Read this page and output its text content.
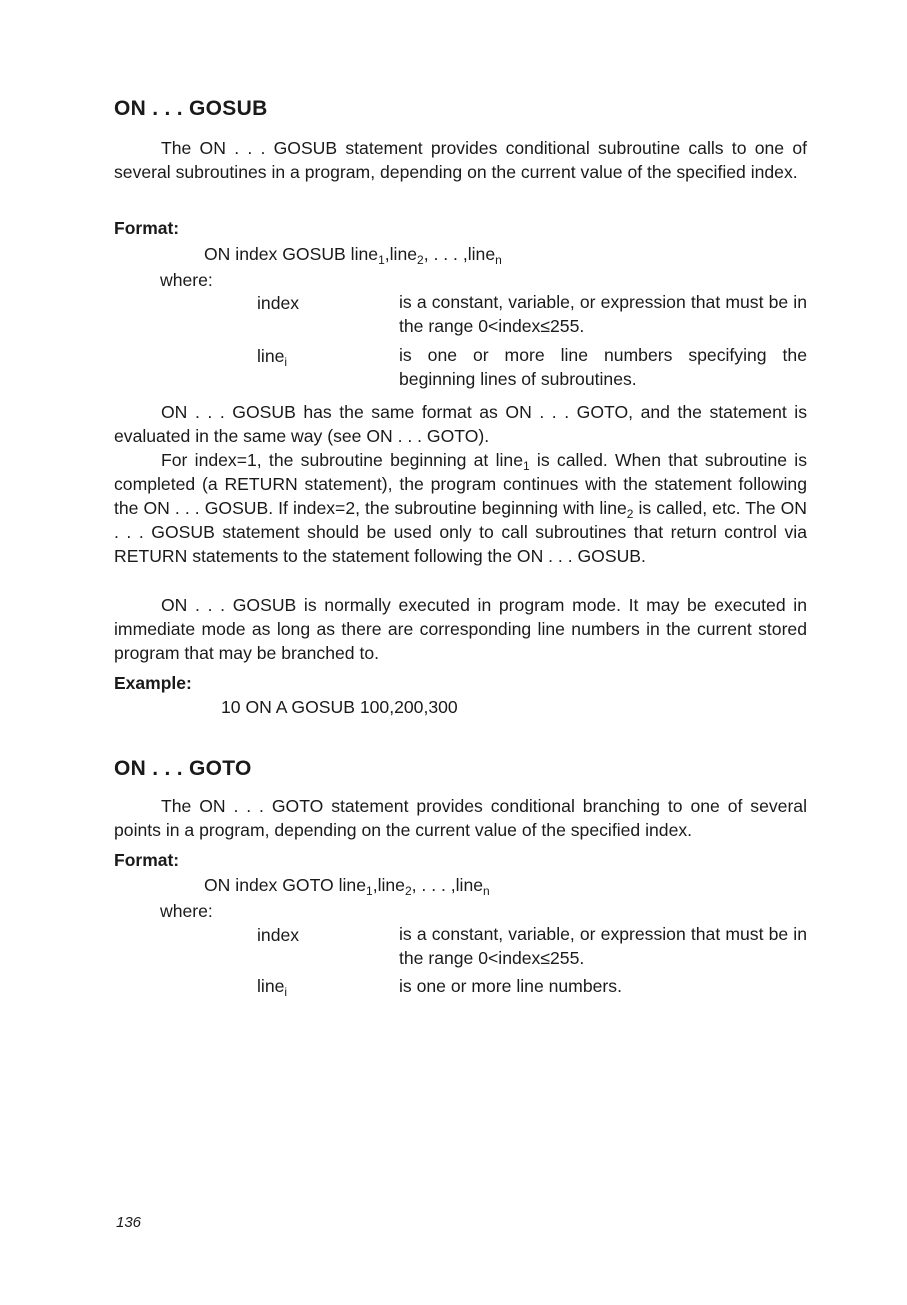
ON . . . GOSUB

The ON . . . GOSUB statement provides conditional subroutine calls to one of several subroutines in a program, depending on the current value of the specified index.

Format:

ON index GOSUB line$_1$,line$_2$, . . . ,line$_n$

where:

index	is a constant, variable, or expression that must be in the range 0<index≤255.

line$_i$	is one or more line numbers specifying the beginning lines of subroutines.

ON . . . GOSUB has the same format as ON . . . GOTO, and the statement is evaluated in the same way (see ON . . . GOTO).

For index=1, the subroutine beginning at line$_1$ is called. When that subroutine is completed (a RETURN statement), the program continues with the statement following the ON . . . GOSUB. If index=2, the subroutine beginning with line$_2$ is called, etc. The ON . . . GOSUB statement should be used only to call subroutines that return control via RETURN statements to the statement following the ON . . . GOSUB.

ON . . . GOSUB is normally executed in program mode. It may be executed in immediate mode as long as there are corresponding line numbers in the current stored program that may be branched to.

Example:

10 ON A GOSUB 100,200,300

ON . . . GOTO

The ON . . . GOTO statement provides conditional branching to one of several points in a program, depending on the current value of the specified index.

Format:

ON index GOTO line$_1$,line$_2$, . . . ,line$_n$

where:

index	is a constant, variable, or expression that must be in the range 0<index≤255.

line$_i$	is one or more line numbers.

136
